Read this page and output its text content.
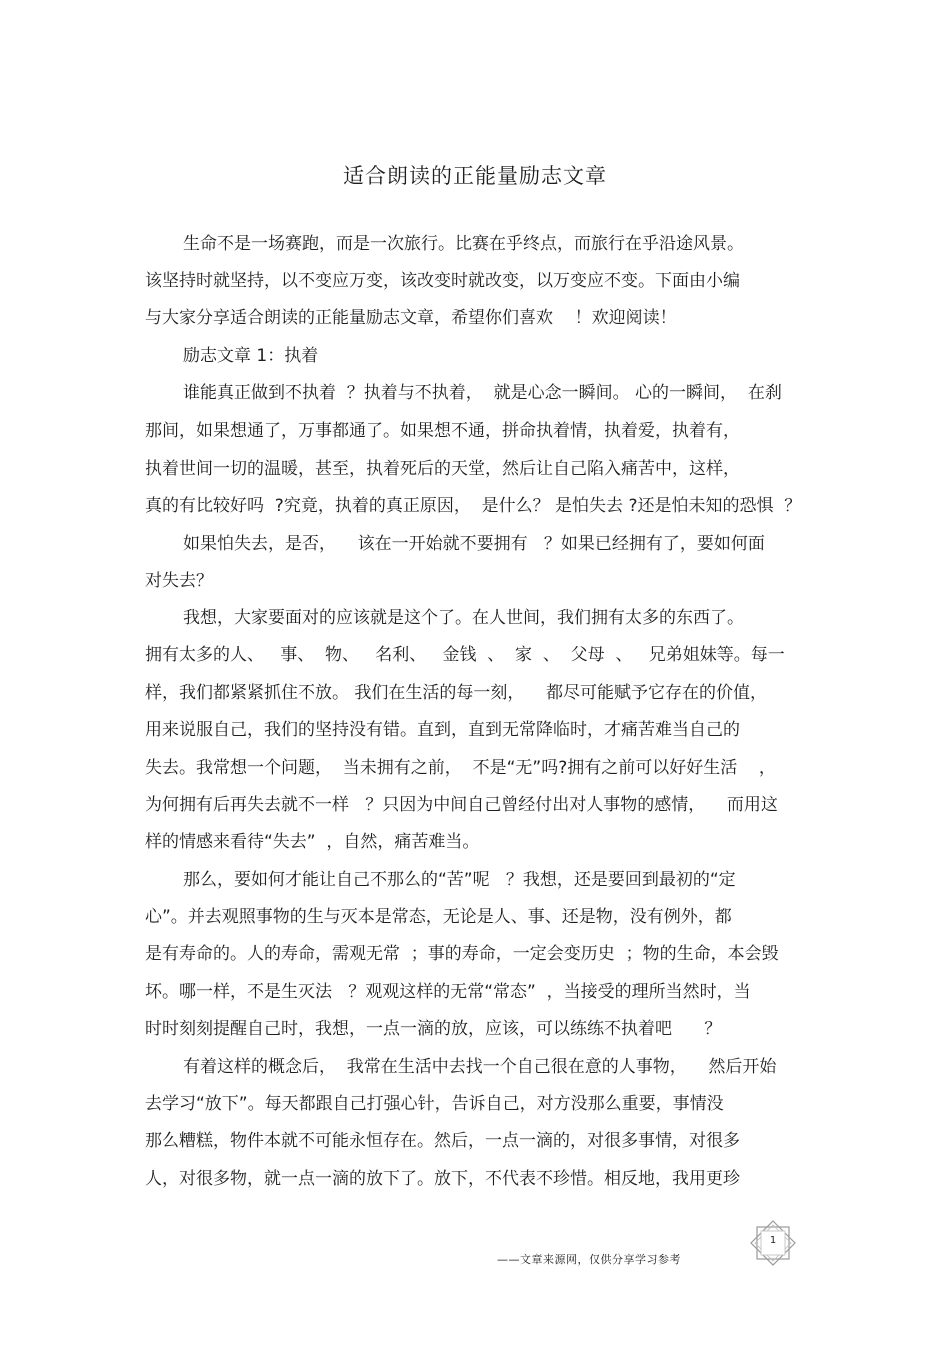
适合朗读的正能量励志文章
生命不是一场赛跑，而是一次旅行。比赛在乎终点，而旅行在乎沿途风景。
该坚持时就坚持，以不变应万变，该改变时就改变，以万变应不变。下面由小编
与大家分享适合朗读的正能量励志文章，希望你们喜欢    ！欢迎阅读！
励志文章 1：执着
谁能真正做到不执着  ？执着与不执着，  就是心念一瞬间。 心的一瞬间，  在刹
那间，如果想通了，万事都通了。如果想不通，拼命执着情，执着爱，执着有，
执着世间一切的温暖，甚至，执着死后的天堂，然后让自己陷入痛苦中，这样，
真的有比较好吗  ?究竟，执着的真正原因，  是什么？ 是怕失去 ?还是怕未知的恐惧  ？
如果怕失去，是否，    该在一开始就不要拥有   ？如果已经拥有了，要如何面
对失去？
我想，大家要面对的应该就是这个了。在人世间，我们拥有太多的东西了。
拥有太多的人、   事、  物、   名利、   金钱  、  家  、  父母  、   兄弟姐妹等。每一
样，我们都紧紧抓住不放。 我们在生活的每一刻，    都尽可能赋予它存在的价值，
用来说服自己，我们的坚持没有错。直到，直到无常降临时，才痛苦难当自己的
失去。我常想一个问题，  当未拥有之前，  不是“无”吗?拥有之前可以好好生活    ，
为何拥有后再失去就不一样   ？只因为中间自己曾经付出对人事物的感情，    而用这
样的情感来看待“失去”  ，自然，痛苦难当。
那么，要如何才能让自己不那么的“苦”呢   ？我想，还是要回到最初的“定
心”。并去观照事物的生与灭本是常态，无论是人、事、还是物，没有例外，都
是有寿命的。人的寿命，需观无常  ；事的寿命，一定会变历史  ；物的生命，本会毁
坏。哪一样，不是生灭法   ？观观这样的无常“常态”  ，当接受的理所当然时，当
时时刻刻提醒自己时，我想，一点一滴的放，应该，可以练练不执着吧      ？
有着这样的概念后，  我常在生活中去找一个自己很在意的人事物，    然后开始
去学习“放下”。每天都跟自己打强心针，告诉自己，对方没那么重要，事情没
那么糟糕，物件本就不可能永恒存在。然后，一点一滴的，对很多事情，对很多
人，对很多物，就一点一滴的放下了。放下，不代表不珍惜。相反地，我用更珍
——文章来源网，仅供分享学习参考
1
